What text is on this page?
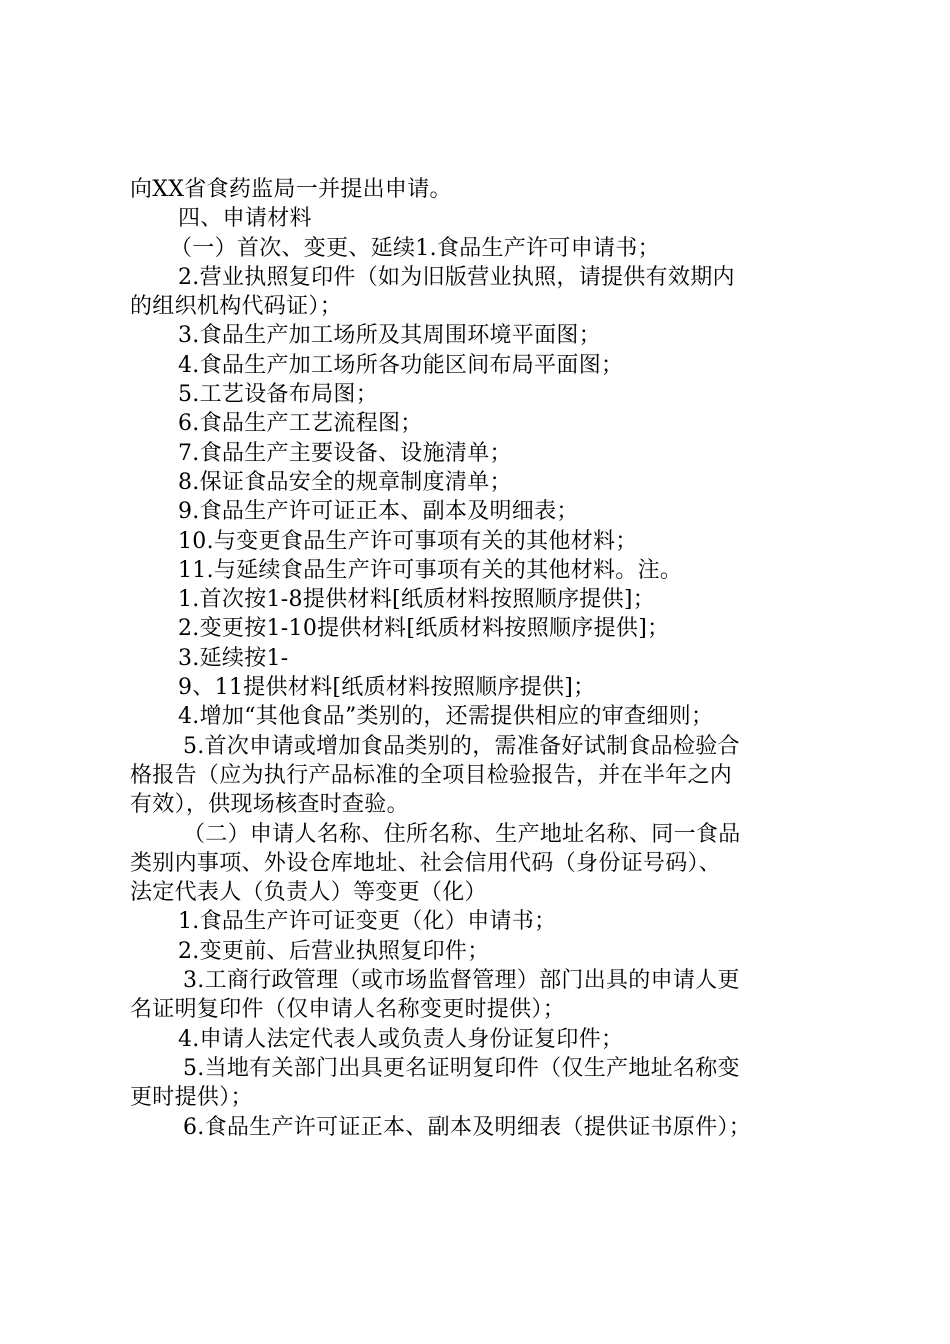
向XX省食药监局一并提出申请。
四、申请材料
（一）首次、变更、延续1.食品生产许可申请书；
2.营业执照复印件（如为旧版营业执照，请提供有效期内
的组织机构代码证）；
3.食品生产加工场所及其周围环境平面图；
4.食品生产加工场所各功能区间布局平面图；
5.工艺设备布局图；
6.食品生产工艺流程图；
7.食品生产主要设备、设施清单；
8.保证食品安全的规章制度清单；
9.食品生产许可证正本、副本及明细表；
10.与变更食品生产许可事项有关的其他材料；
11.与延续食品生产许可事项有关的其他材料。注。
1.首次按1-8提供材料[纸质材料按照顺序提供]；
2.变更按1-10提供材料[纸质材料按照顺序提供]；
3.延续按1-
9、11提供材料[纸质材料按照顺序提供]；
4.增加“其他食品”类别的，还需提供相应的审查细则；
5.首次申请或增加食品类别的，需准备好试制食品检验合
格报告（应为执行产品标准的全项目检验报告，并在半年之内
有效），供现场核查时查验。
（二）申请人名称、住所名称、生产地址名称、同一食品
类别内事项、外设仓库地址、社会信用代码（身份证号码）、
法定代表人（负责人）等变更（化）
1.食品生产许可证变更（化）申请书；
2.变更前、后营业执照复印件；
3.工商行政管理（或市场监督管理）部门出具的申请人更
名证明复印件（仅申请人名称变更时提供）；
4.申请人法定代表人或负责人身份证复印件；
5.当地有关部门出具更名证明复印件（仅生产地址名称变
更时提供）；
6.食品生产许可证正本、副本及明细表（提供证书原件）；
